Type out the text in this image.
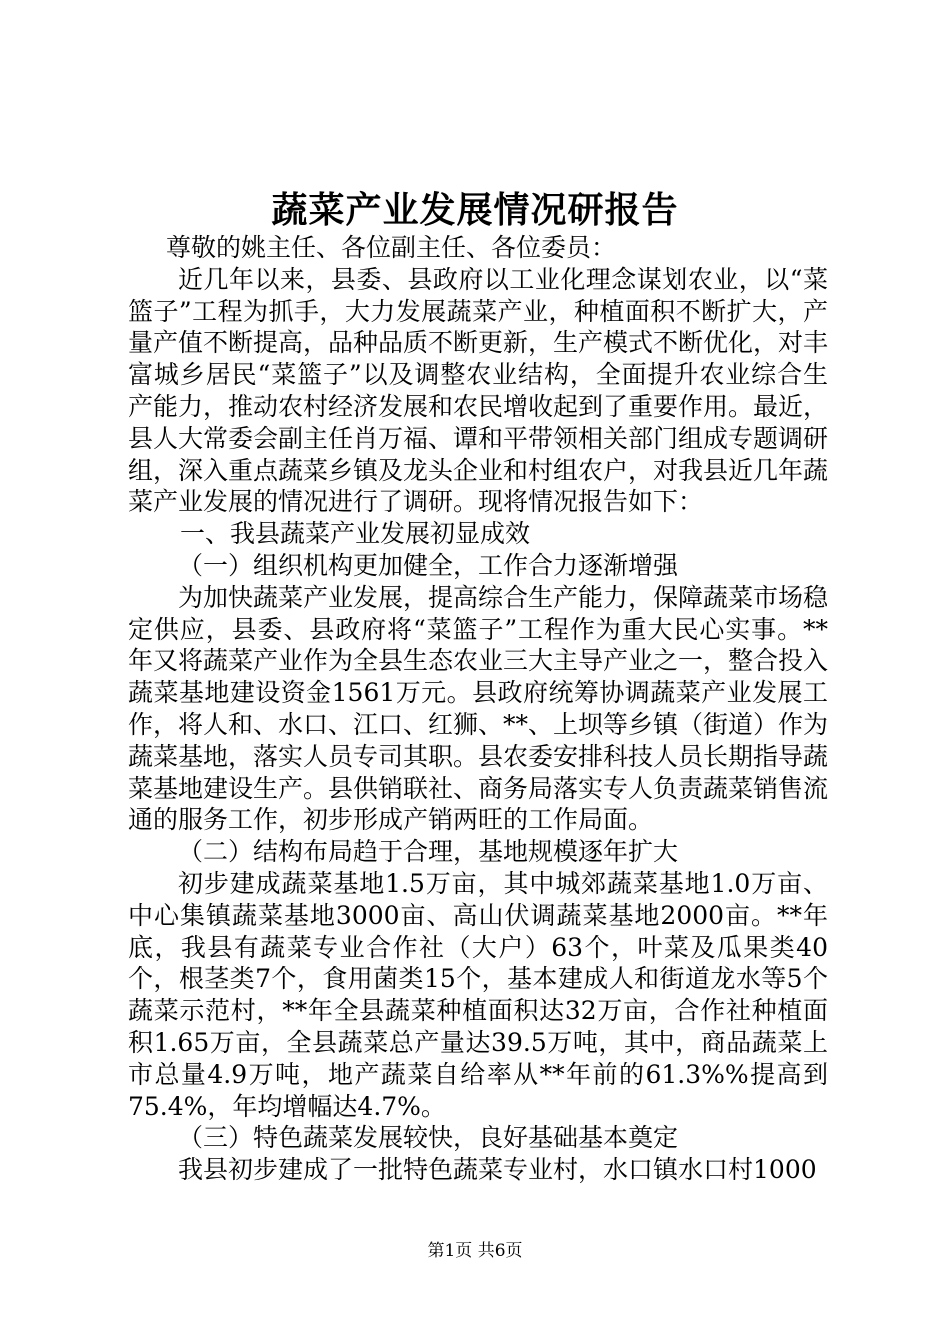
蔬菜产业发展情况研报告

尊敬的姚主任、各位副主任、各位委员：

近几年以来，县委、县政府以工业化理念谋划农业，以“菜篮子”工程为抓手，大力发展蔬菜产业，种植面积不断扩大，产量产值不断提高，品种品质不断更新，生产模式不断优化，对丰富城乡居民“菜篮子”以及调整农业结构，全面提升农业综合生产能力，推动农村经济发展和农民增收起到了重要作用。最近，县人大常委会副主任肖万福、谭和平带领相关部门组成专题调研组，深入重点蔬菜乡镇及龙头企业和村组农户，对我县近几年蔬菜产业发展的情况进行了调研。现将情况报告如下：

一、我县蔬菜产业发展初显成效

（一）组织机构更加健全，工作合力逐渐增强

为加快蔬菜产业发展，提高综合生产能力，保障蔬菜市场稳定供应，县委、县政府将“菜篮子”工程作为重大民心实事。**年又将蔬菜产业作为全县生态农业三大主导产业之一，整合投入蔬菜基地建设资金1561万元。县政府统筹协调蔬菜产业发展工作，将人和、水口、江口、红狮、**、上坝等乡镇（街道）作为蔬菜基地，落实人员专司其职。县农委安排科技人员长期指导蔬菜基地建设生产。县供销联社、商务局落实专人负责蔬菜销售流通的服务工作，初步形成产销两旺的工作局面。

（二）结构布局趋于合理，基地规模逐年扩大

初步建成蔬菜基地1.5万亩，其中城郊蔬菜基地1.0万亩、中心集镇蔬菜基地3000亩、高山伏调蔬菜基地2000亩。**年底，我县有蔬菜专业合作社（大户）63个，叶菜及瓜果类40个，根茎类7个，食用菌类15个，基本建成人和街道龙水等5个蔬菜示范村，**年全县蔬菜种植面积达32万亩，合作社种植面积1.65万亩，全县蔬菜总产量达39.5万吨，其中，商品蔬菜上市总量4.9万吨，地产蔬菜自给率从**年前的61.3%%提高到75.4%，年均增幅达4.7%。

（三）特色蔬菜发展较快，良好基础基本奠定

我县初步建成了一批特色蔬菜专业村，水口镇水口村1000

第1页 共6页
